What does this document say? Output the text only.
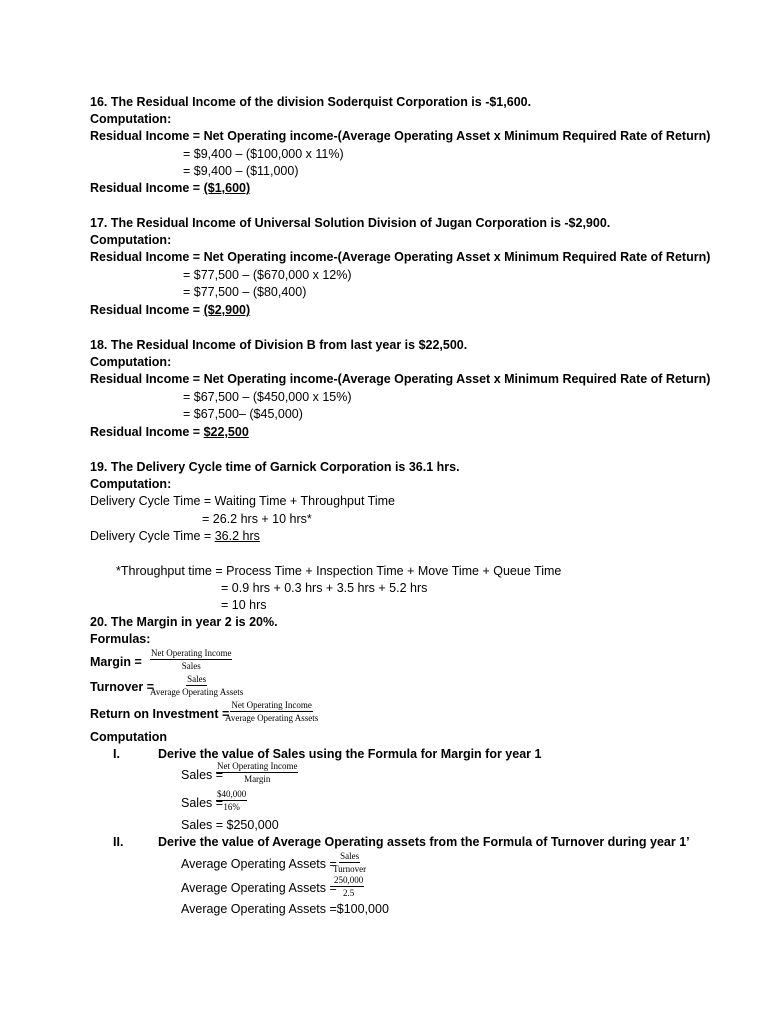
16. The Residual Income of the division Soderquist Corporation is -$1,600.
Computation:
Residual Income = Net Operating income-(Average Operating Asset x Minimum Required Rate of Return)
= $9,400 – ($100,000 x 11%)
= $9,400 – ($11,000)
Residual Income = ($1,600)
17. The Residual Income of Universal Solution Division of Jugan Corporation is -$2,900.
Computation:
Residual Income = Net Operating income-(Average Operating Asset x Minimum Required Rate of Return)
= $77,500 – ($670,000 x 12%)
= $77,500 – ($80,400)
Residual Income = ($2,900)
18. The Residual Income of Division B from last year is $22,500.
Computation:
Residual Income = Net Operating income-(Average Operating Asset x Minimum Required Rate of Return)
= $67,500 – ($450,000 x 15%)
= $67,500– ($45,000)
Residual Income = $22,500
19. The Delivery Cycle time of Garnick Corporation is 36.1 hrs.
Computation:
Delivery Cycle Time = Waiting Time + Throughput Time
= 26.2 hrs + 10 hrs*
Delivery Cycle Time = 36.2 hrs
*Throughput time = Process Time + Inspection Time + Move Time + Queue Time
= 0.9 hrs + 0.3 hrs + 3.5 hrs + 5.2 hrs
= 10 hrs
20. The Margin in year 2 is 20%.
Formulas:
Margin =
Net Operating Income
Sales
Turnover =
Sales
Average Operating Assets
Return on Investment =
Net Operating Income
Average Operating Assets
Computation
I.	Derive the value of Sales using the Formula for Margin for year 1
Sales =
Net Operating Income
Margin
Sales =
$\frac{\$40,000}{16\%}$
Sales = $250,000
II.	Derive the value of Average Operating assets from the Formula of Turnover during year 1’
Average Operating Assets =
Sales
Turnover
Average Operating Assets =
$\frac{250,000}{2.5}$
Average Operating Assets =$100,000
